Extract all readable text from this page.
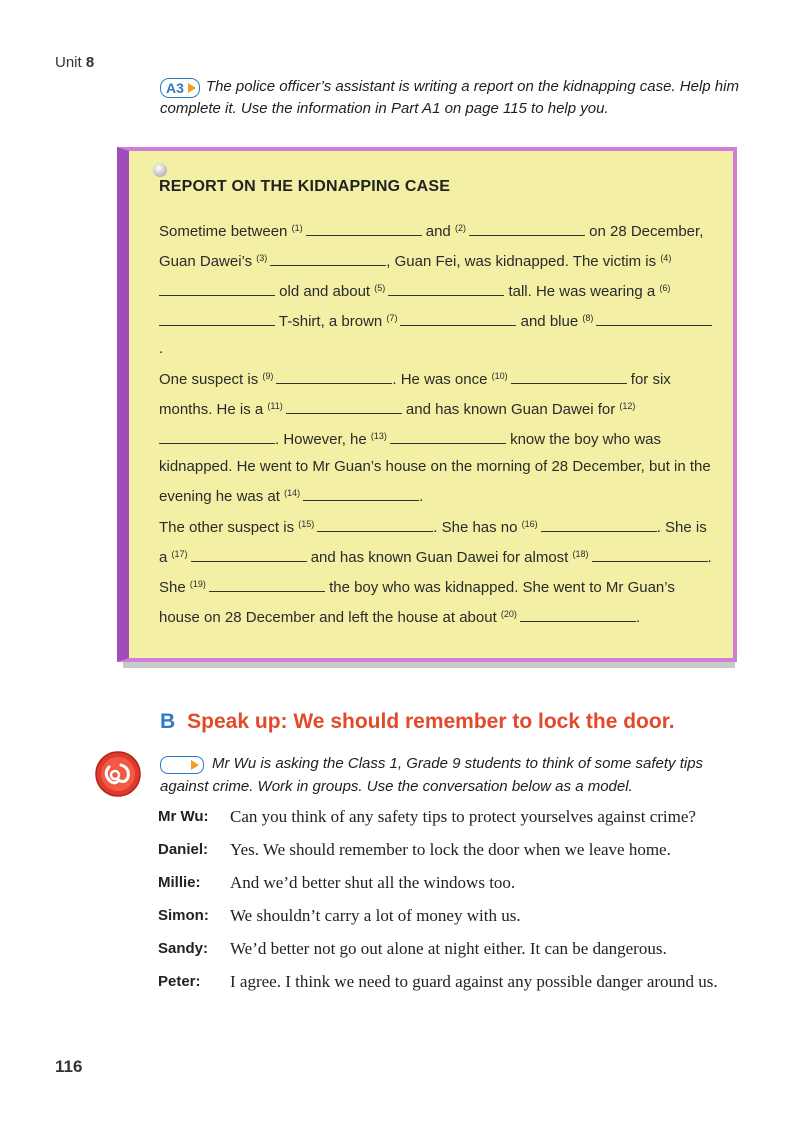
Unit 8
A3 The police officer’s assistant is writing a report on the kidnapping case. Help him complete it. Use the information in Part A1 on page 115 to help you.
REPORT ON THE KIDNAPPING CASE
Sometime between $^{(1)}$	and $^{(2)}$	on 28 December, Guan Dawei’s $^{(3)}$	, Guan Fei, was kidnapped. The victim is $^{(4)}$ old and about $^{(5)}$	tall. He was wearing a $^{(6)}$ T-shirt, a brown $^{(7)}$	and blue $^{(8)}$.
One suspect is $^{(9)}$	. He was once $^{(10)}$	for six months. He is a $^{(11)}$	and has known Guan Dawei for $^{(12)}$. However, he $^{(13)}$	know the boy who was kidnapped. He went to Mr Guan’s house on the morning of 28 December, but in the evening he was at $^{(14)}$	.
The other suspect is $^{(15)}$	. She has no $^{(16)}$	. She is a $^{(17)}$	and has known Guan Dawei for almost $^{(18)}$	. She $^{(19)}$	the boy who was kidnapped. She went to Mr Guan’s house on 28 December and left the house at about $^{(20)}$	.
B Speak up: We should remember to lock the door.
Mr Wu is asking the Class 1, Grade 9 students to think of some safety tips against crime. Work in groups. Use the conversation below as a model.
Mr Wu:	Can you think of any safety tips to protect yourselves against crime?
Daniel:	Yes. We should remember to lock the door when we leave home.
Millie:	And we’d better shut all the windows too.
Simon:	We shouldn’t carry a lot of money with us.
Sandy:	We’d better not go out alone at night either. It can be dangerous.
Peter:	I agree. I think we need to guard against any possible danger around us.
116
